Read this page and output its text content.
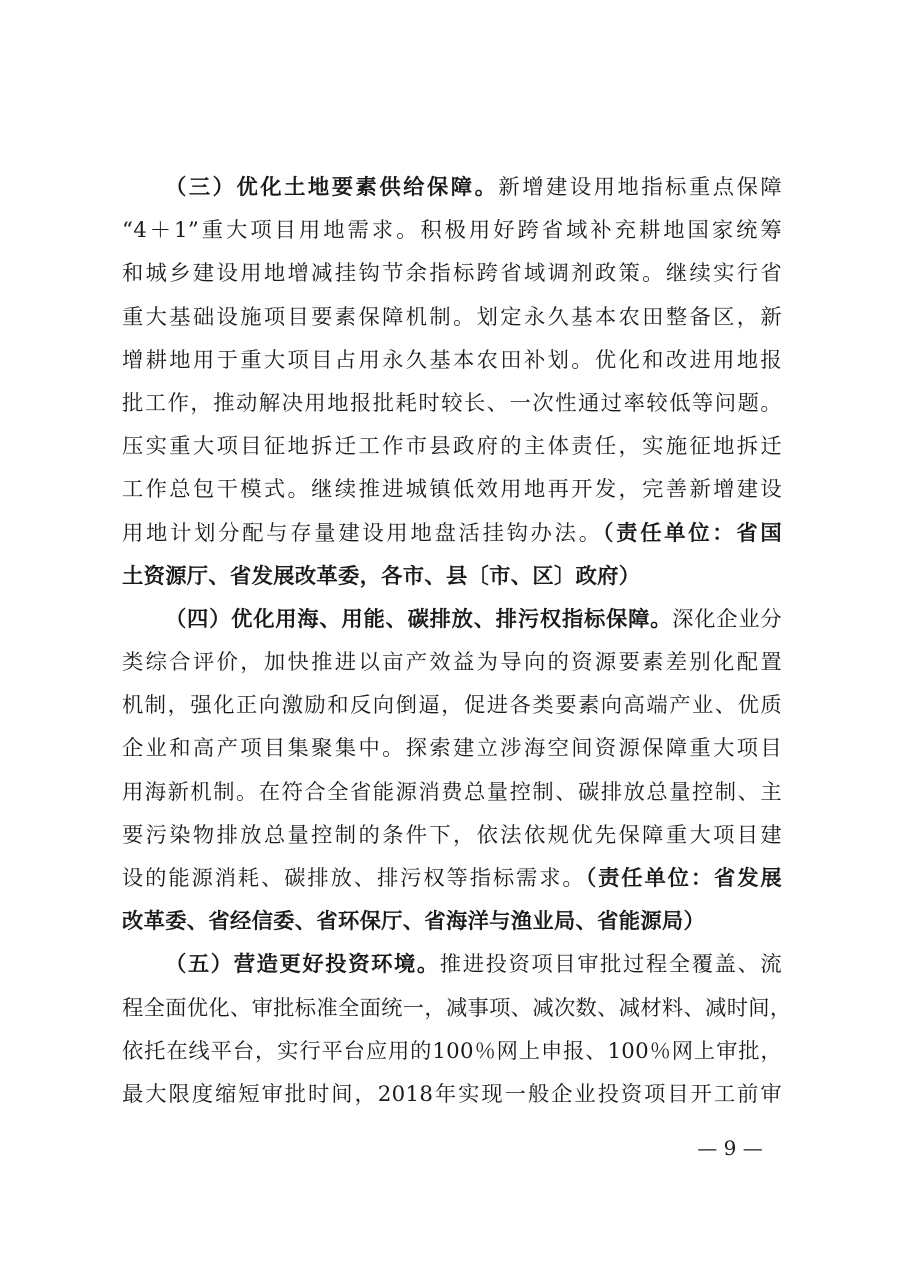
（三）优化土地要素供给保障。新增建设用地指标重点保障
“4＋1”重大项目用地需求。积极用好跨省域补充耕地国家统筹
和城乡建设用地增减挂钩节余指标跨省域调剂政策。继续实行省
重大基础设施项目要素保障机制。划定永久基本农田整备区，新
增耕地用于重大项目占用永久基本农田补划。优化和改进用地报
批工作，推动解决用地报批耗时较长、一次性通过率较低等问题。
压实重大项目征地拆迁工作市县政府的主体责任，实施征地拆迁
工作总包干模式。继续推进城镇低效用地再开发，完善新增建设
用地计划分配与存量建设用地盘活挂钩办法。（责任单位：省国
土资源厅、省发展改革委，各市、县〔市、区〕政府）
（四）优化用海、用能、碳排放、排污权指标保障。深化企业分
类综合评价，加快推进以亩产效益为导向的资源要素差别化配置
机制，强化正向激励和反向倒逼，促进各类要素向高端产业、优质
企业和高产项目集聚集中。探索建立涉海空间资源保障重大项目
用海新机制。在符合全省能源消费总量控制、碳排放总量控制、主
要污染物排放总量控制的条件下，依法依规优先保障重大项目建
设的能源消耗、碳排放、排污权等指标需求。（责任单位：省发展
改革委、省经信委、省环保厅、省海洋与渔业局、省能源局）
（五）营造更好投资环境。推进投资项目审批过程全覆盖、流
程全面优化、审批标准全面统一，减事项、减次数、减材料、减时间，
依托在线平台，实行平台应用的100％网上申报、100％网上审批，
最大限度缩短审批时间，2018年实现一般企业投资项目开工前审
— 9 —
